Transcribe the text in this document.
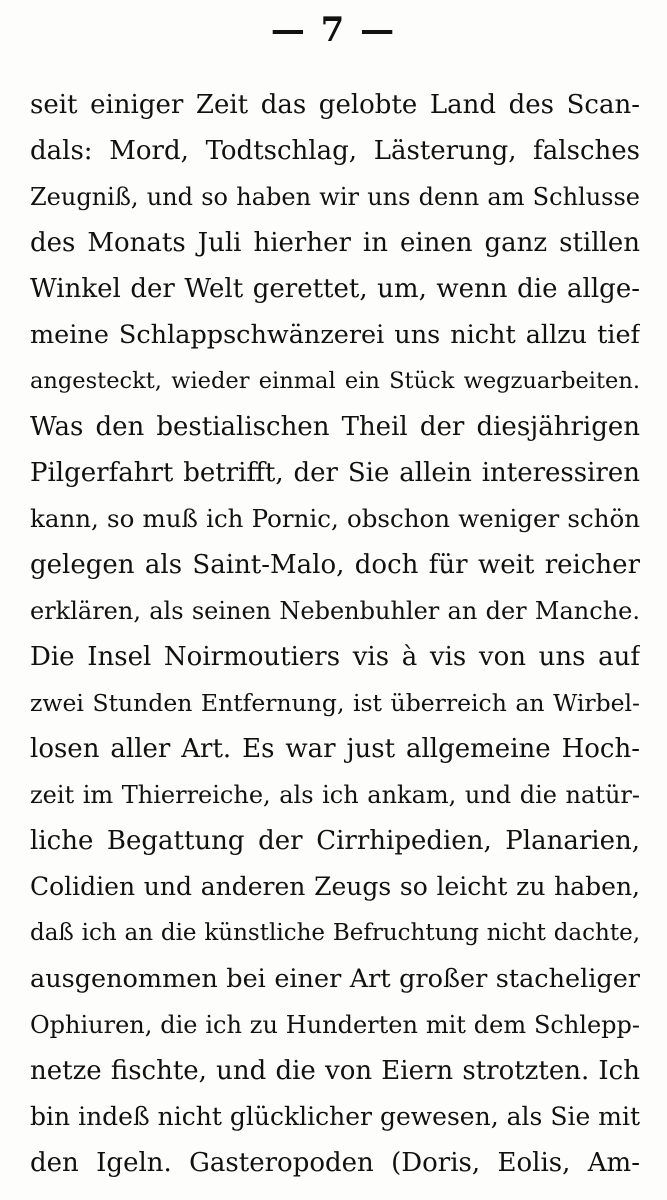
— 7 —
seit einiger Zeit das gelobte Land des Scan-
dals: Mord, Todtschlag, Lästerung, falsches
Zeugniß, und so haben wir uns denn am Schlusse
des Monats Juli hierher in einen ganz stillen
Winkel der Welt gerettet, um, wenn die allge-
meine Schlappschwänzerei uns nicht allzu tief
angesteckt, wieder einmal ein Stück wegzuarbeiten.
Was den bestialischen Theil der diesjährigen
Pilgerfahrt betrifft, der Sie allein interessiren
kann, so muß ich Pornic, obschon weniger schön
gelegen als Saint-Malo, doch für weit reicher
erklären, als seinen Nebenbuhler an der Manche.
Die Insel Noirmoutiers vis à vis von uns auf
zwei Stunden Entfernung, ist überreich an Wirbel-
losen aller Art. Es war just allgemeine Hoch-
zeit im Thierreiche, als ich ankam, und die natür-
liche Begattung der Cirrhipedien, Planarien,
Colidien und anderen Zeugs so leicht zu haben,
daß ich an die künstliche Befruchtung nicht dachte,
ausgenommen bei einer Art großer stacheliger
Ophiuren, die ich zu Hunderten mit dem Schlepp-
netze fischte, und die von Eiern strotzten. Ich
bin indeß nicht glücklicher gewesen, als Sie mit
den Igeln. Gasteropoden (Doris, Eolis, Am-
